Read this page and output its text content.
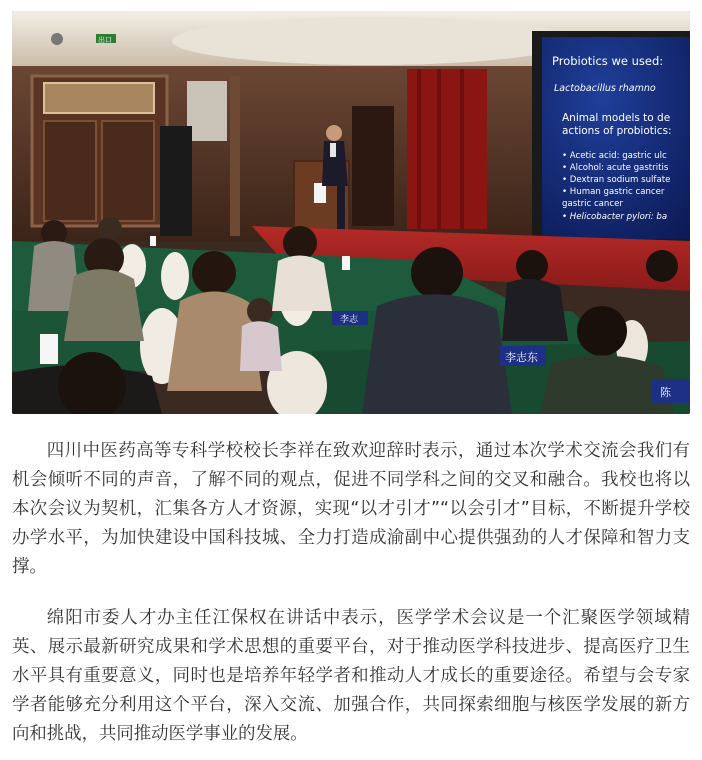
出口
Probiotics we used:
Lactobacillus rhamno
Animal models to de
actions of probiotics:
• Acetic acid: gastric ulc
• Alcohol: acute gastritis
• Dextran sodium sulfate
• Human gastric cancer
gastric cancer
• Helicobacter pylori: ba
李志
李志东
陈

四川中医药高等专科学校校长李祥在致欢迎辞时表示，通过本次学术交流会我们有机会倾听不同的声音，了解不同的观点，促进不同学科之间的交叉和融合。我校也将以本次会议为契机，汇集各方人才资源，实现“以才引才”“以会引才”目标，不断提升学校办学水平，为加快建设中国科技城、全力打造成渝副中心提供强劲的人才保障和智力支撑。

绵阳市委人才办主任江保权在讲话中表示，医学学术会议是一个汇聚医学领域精英、展示最新研究成果和学术思想的重要平台，对于推动医学科技进步、提高医疗卫生水平具有重要意义，同时也是培养年轻学者和推动人才成长的重要途径。希望与会专家学者能够充分利用这个平台，深入交流、加强合作，共同探索细胞与核医学发展的新方向和挑战，共同推动医学事业的发展。
